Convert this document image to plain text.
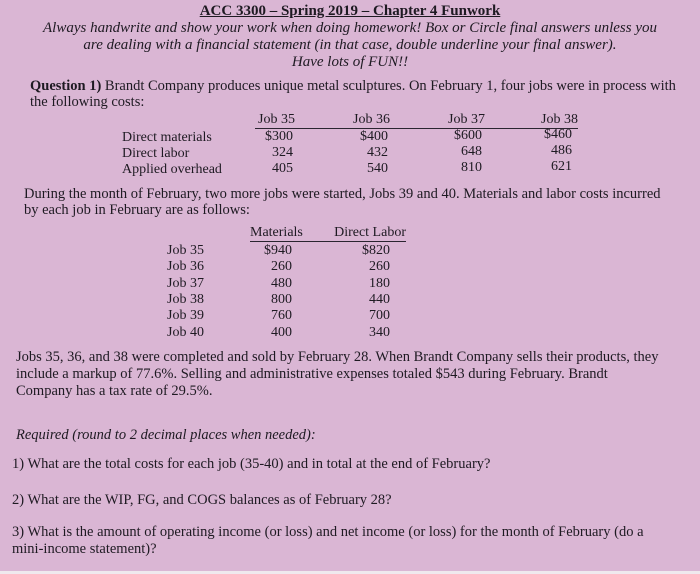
ACC 3300 – Spring 2019 – Chapter 4 Funwork
Always handwrite and show your work when doing homework! Box or Circle final answers unless you
are dealing with a financial statement (in that case, double underline your final answer).
Have lots of FUN!!
Question 1) Brandt Company produces unique metal sculptures. On February 1, four jobs were in process with
the following costs:
Job 35	Job 36	Job 37	Job 38
Direct materials	$300	$400	$600	$460
Direct labor	324	432	648	486
Applied overhead	405	540	810	621
During the month of February, two more jobs were started, Jobs 39 and 40. Materials and labor costs incurred
by each job in February are as follows:
Materials	Direct Labor
Job 35	$940	$820
Job 36	260	260
Job 37	480	180
Job 38	800	440
Job 39	760	700
Job 40	400	340
Jobs 35, 36, and 38 were completed and sold by February 28. When Brandt Company sells their products, they
include a markup of 77.6%. Selling and administrative expenses totaled $543 during February. Brandt
Company has a tax rate of 29.5%.
Required (round to 2 decimal places when needed):
1) What are the total costs for each job (35-40) and in total at the end of February?
2) What are the WIP, FG, and COGS balances as of February 28?
3) What is the amount of operating income (or loss) and net income (or loss) for the month of February (do a
mini-income statement)?
